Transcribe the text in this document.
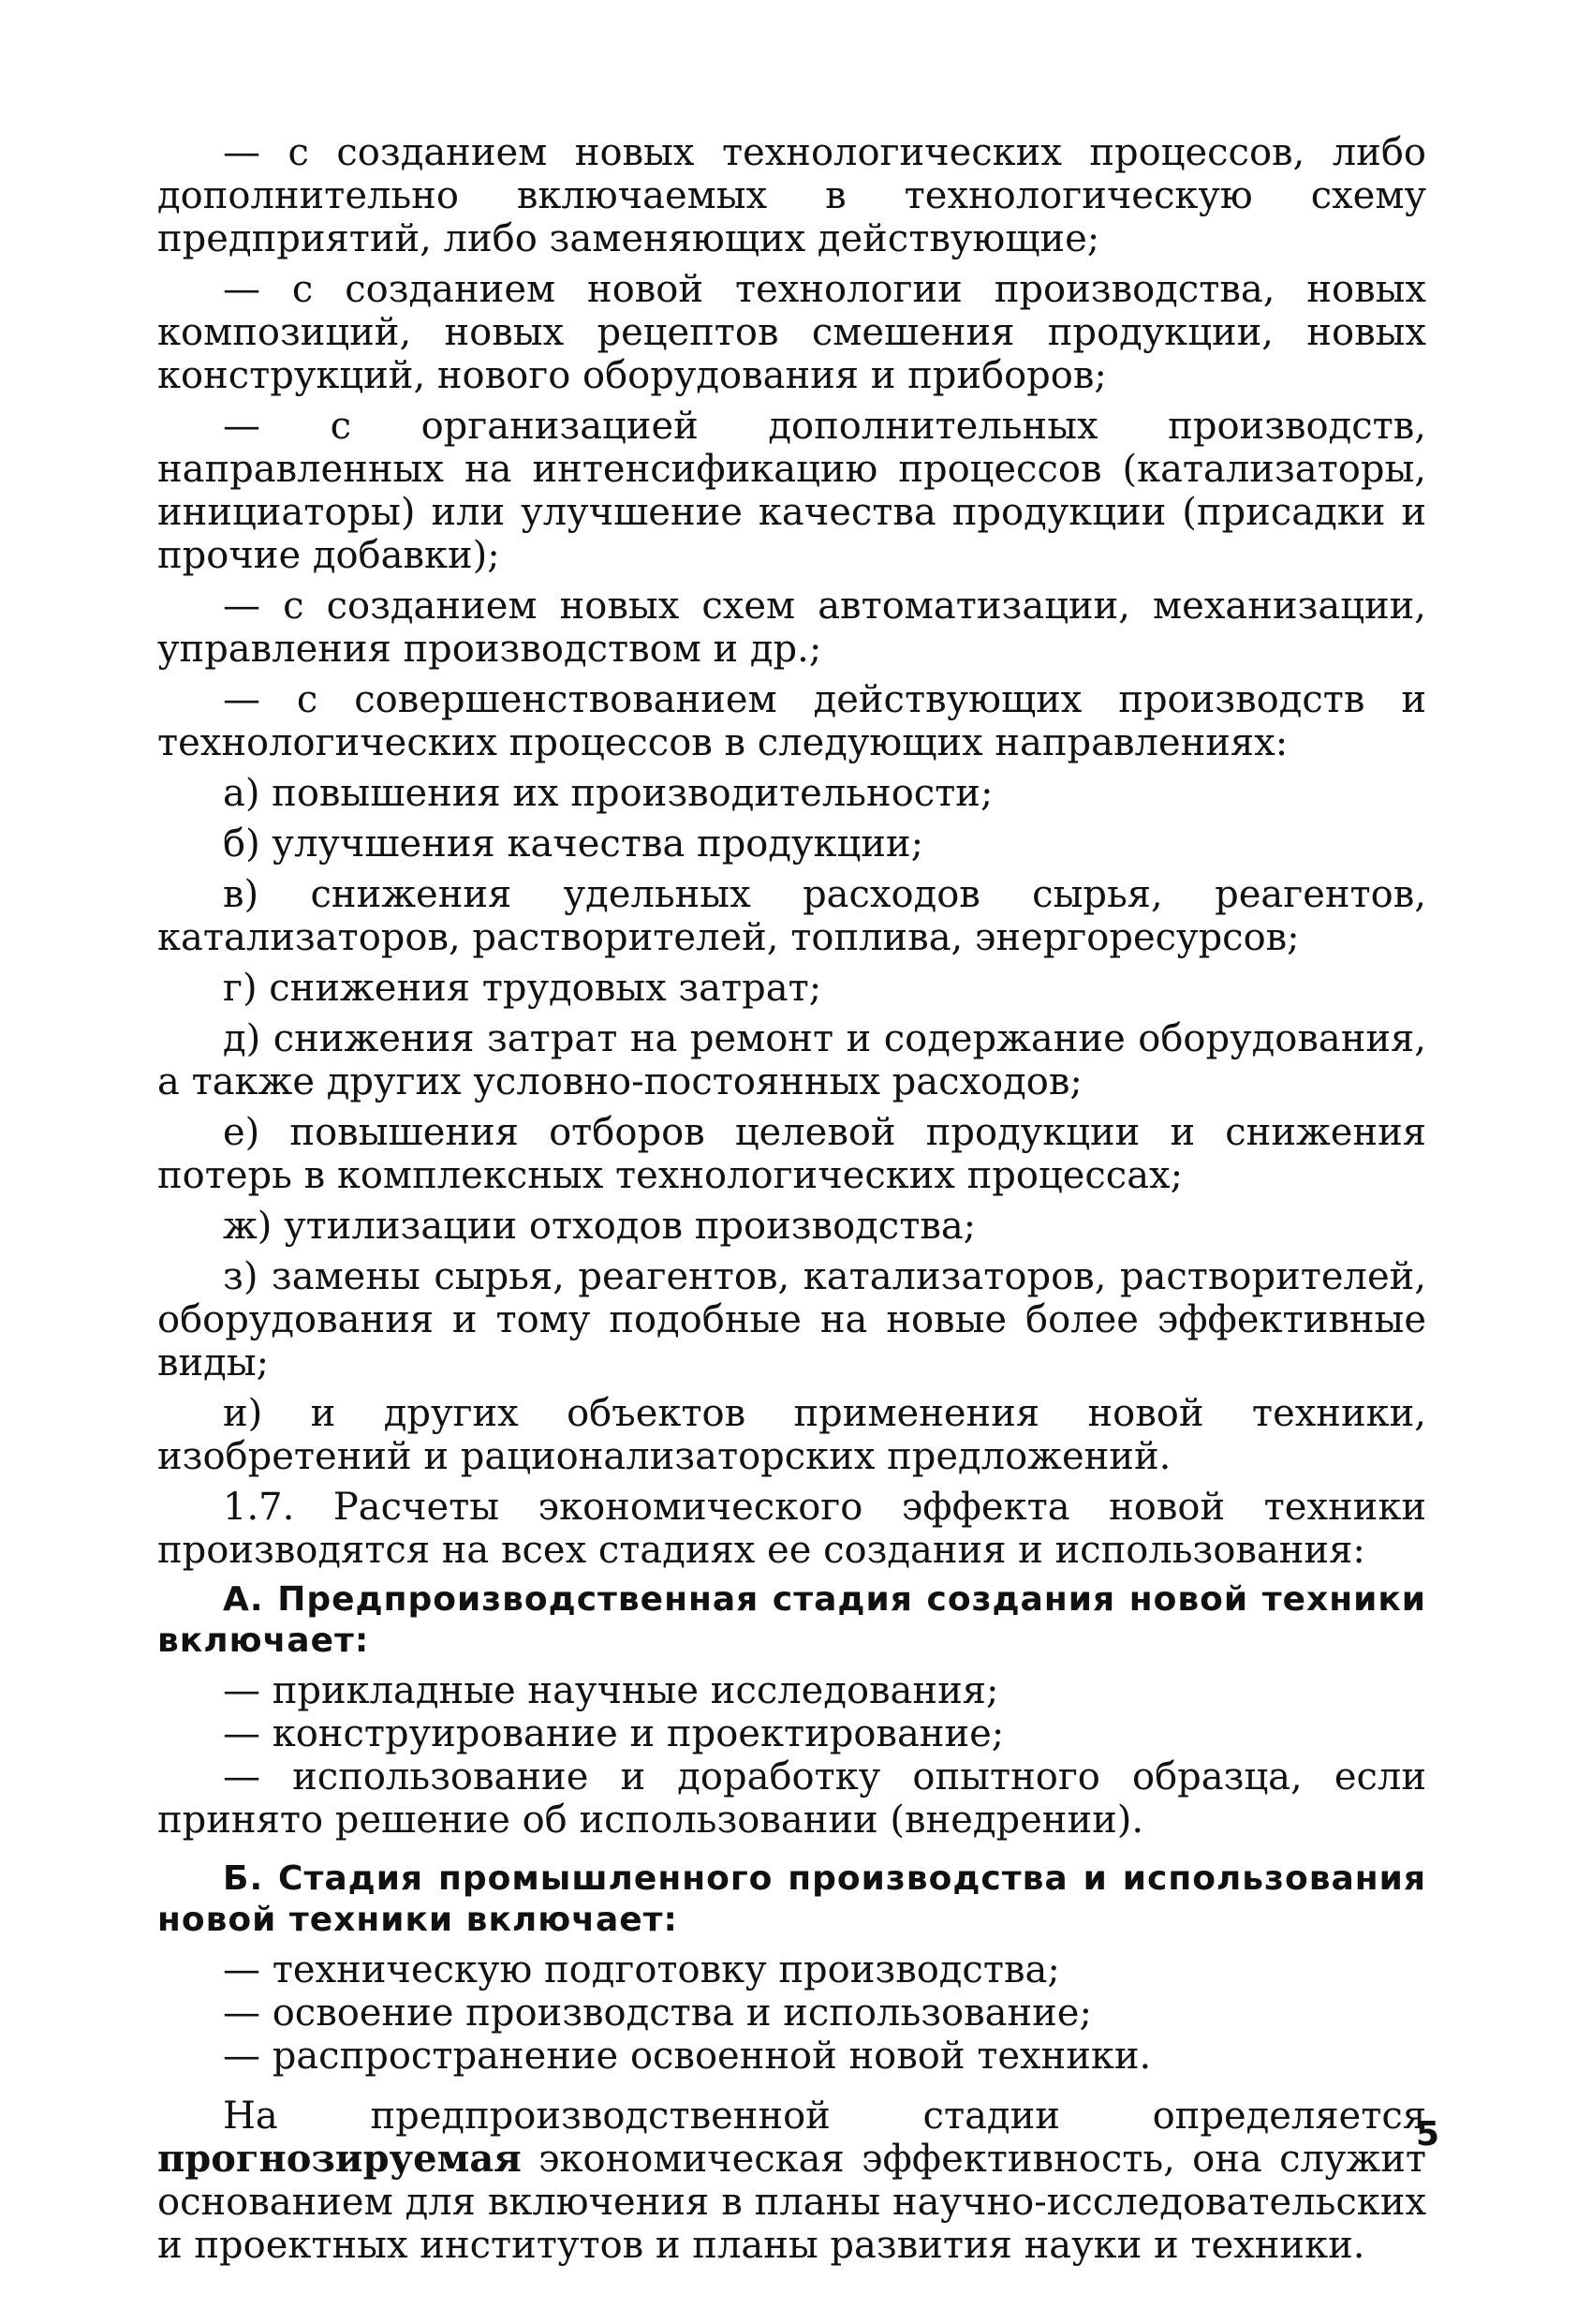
— с созданием новых технологических процессов, либо дополнительно включаемых в технологическую схему предприятий, либо заменяющих действующие;

— с созданием новой технологии производства, новых композиций, новых рецептов смешения продукции, новых конструкций, нового оборудования и приборов;

— с организацией дополнительных производств, направленных на интенсификацию процессов (катализаторы, инициаторы) или улучшение качества продукции (присадки и прочие добавки);

— с созданием новых схем автоматизации, механизации, управления производством и др.;

— с совершенствованием действующих производств и технологических процессов в следующих направлениях:

а) повышения их производительности;

б) улучшения качества продукции;

в) снижения удельных расходов сырья, реагентов, катализаторов, растворителей, топлива, энергоресурсов;

г) снижения трудовых затрат;

д) снижения затрат на ремонт и содержание оборудования, а также других условно-постоянных расходов;

е) повышения отборов целевой продукции и снижения потерь в комплексных технологических процессах;

ж) утилизации отходов производства;

з) замены сырья, реагентов, катализаторов, растворителей, оборудования и тому подобные на новые более эффективные виды;

и) и других объектов применения новой техники, изобретений и рационализаторских предложений.

1.7. Расчеты экономического эффекта новой техники производятся на всех стадиях ее создания и использования:

А. Предпроизводственная стадия создания новой техники включает:

— прикладные научные исследования;

— конструирование и проектирование;

— использование и доработку опытного образца, если принято решение об использовании (внедрении).

Б. Стадия промышленного производства и использования новой техники включает:

— техническую подготовку производства;

— освоение производства и использование;

— распространение освоенной новой техники.

На предпроизводственной стадии определяется прогнозируемая экономическая эффективность, она служит основанием для включения в планы научно-исследовательских и проектных институтов и планы развития науки и техники.

5
